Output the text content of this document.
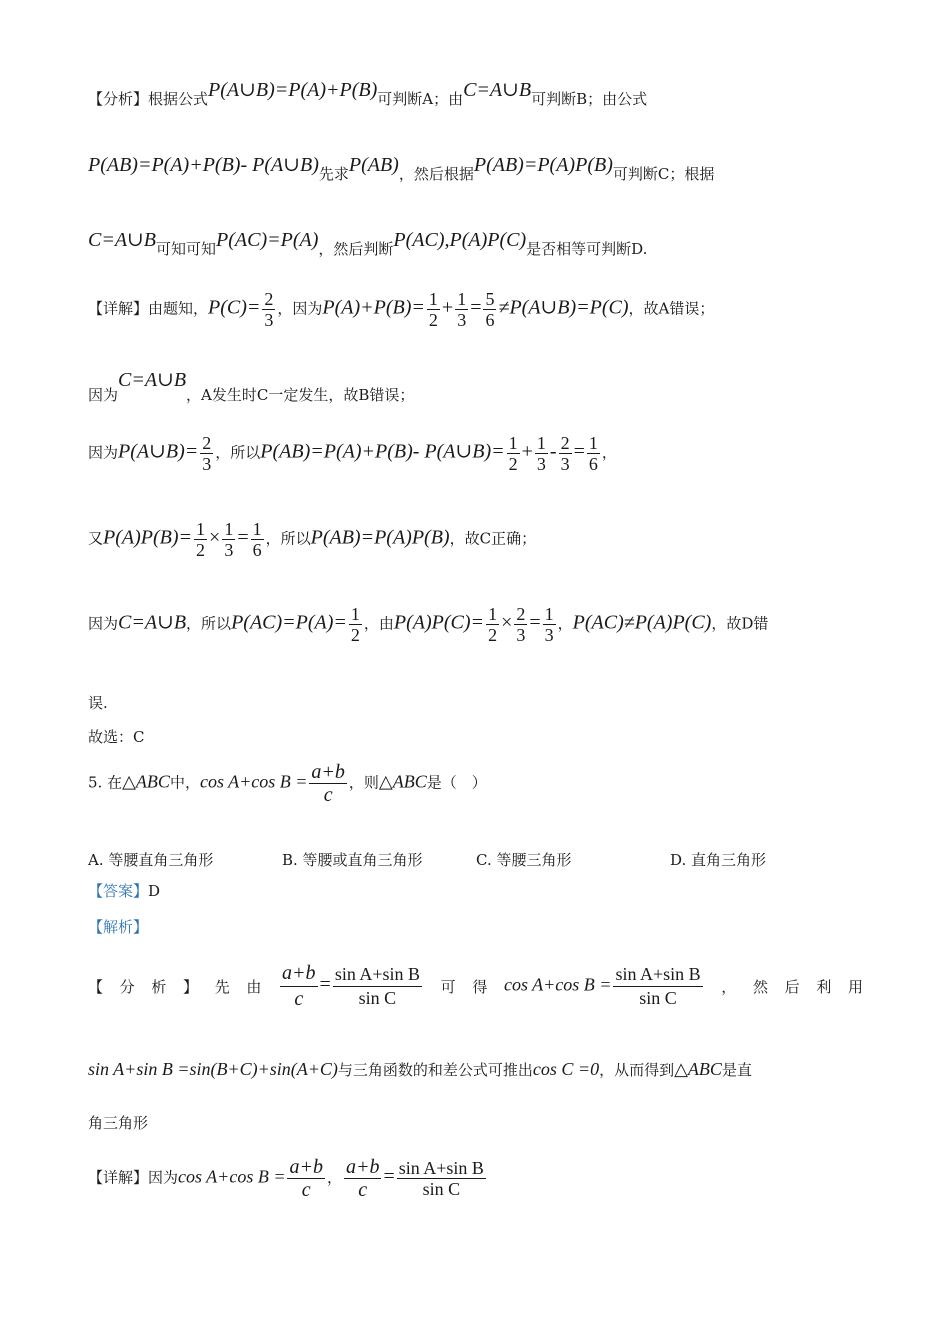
【分析】根据公式P(A∪B)=P(A)+P(B)可判断A；由C=A∪B可判断B；由公式
P(AB)=P(A)+P(B)- P(A∪B)先求P(AB)，然后根据P(AB)=P(A)P(B)可判断C；根据
C=A∪B可知可知P(AC)=P(A)，然后判断P(AC),P(A)P(C)是否相等可判断D.
【详解】由题知，$P(C)= \frac{2}{3}$ ，因为$P(A)+P(B)= \frac{1}{2} + \frac{1}{3} = \frac{5}{6}$ ≠P(A∪B)=P(C)，故A错误；
因为C=A∪B，A发生时C一定发生，故B错误；
因为P(A∪B)= $\frac{2}{3}$ ，所以P(AB)=P(A)+P(B)- P(A∪B)= $\frac{1}{2} + \frac{1}{3} - \frac{2}{3} = \frac{1}{6}$ ，
又$P(A)P(B)= \frac{1}{2} \times \frac{1}{3} = \frac{1}{6}$ ，所以P(AB)=P(A)P(B)，故C正确；
因为C=A∪B，所以$P(AC)=P(A)= \frac{1}{2}$ ，由$P(A)P(C)= \frac{1}{2} \times \frac{2}{3} = \frac{1}{3}$ ，P(AC)≠P(A)P(C)，故D错
误.
故选：C
5. 在△ABC中，cos A+cos $B = \frac{a+b}{c}$ ，则△ABC是（　）
A. 等腰直角三角形	B. 等腰或直角三角形	C. 等腰三角形	D. 直角三角形
【答案】D
【解析】
【 分 析 】 先 由 $\frac{a+b}{c} = \frac{\text{sin A+sin B}}{\text{sin C}}$ 可 得 cos A+cos $B = \frac{\text{sin A+sin B}}{\text{sin C}}$ ， 然 后 利 用
sin A+sin B =sin(B+C)+sin(A+C)与三角函数的和差公式可推出cos C =0，从而得到△ABC是直
角三角形
【详解】因为cos A+cos $B = \frac{a+b}{c}$ ， $\frac{a+b}{c} = \frac{\text{sin A+sin B}}{\text{sin C}}$
